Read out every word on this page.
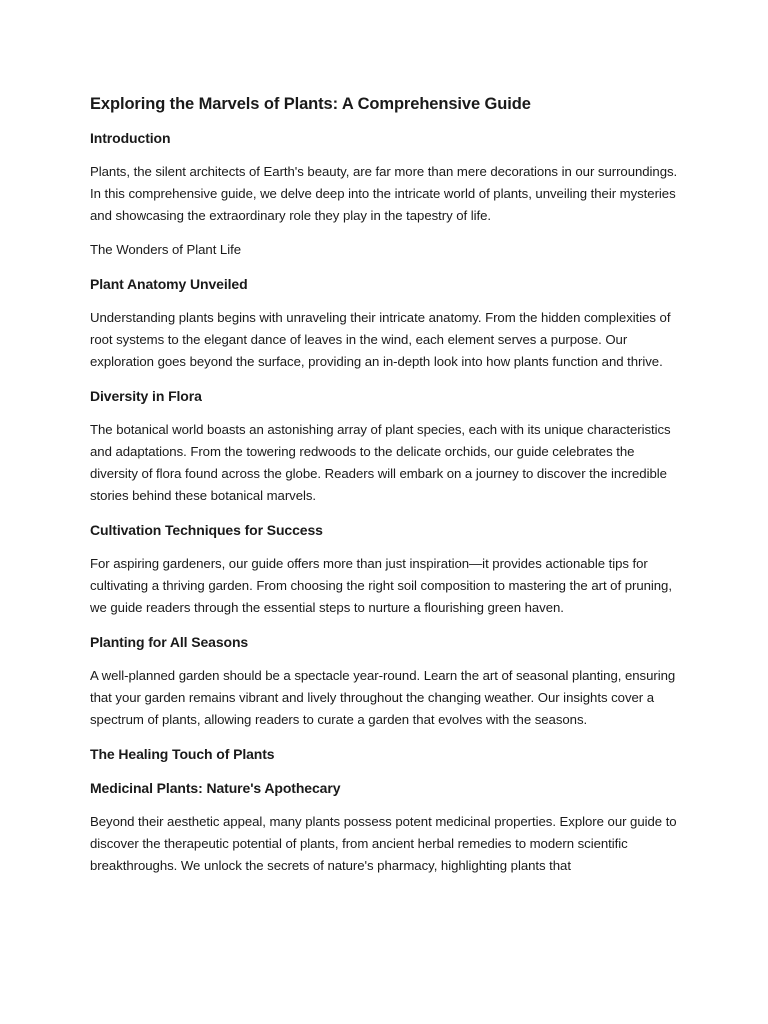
Exploring the Marvels of Plants: A Comprehensive Guide
Introduction

Plants, the silent architects of Earth's beauty, are far more than mere decorations in our surroundings. In this comprehensive guide, we delve deep into the intricate world of plants, unveiling their mysteries and showcasing the extraordinary role they play in the tapestry of life.

The Wonders of Plant Life

Plant Anatomy Unveiled

Understanding plants begins with unraveling their intricate anatomy. From the hidden complexities of root systems to the elegant dance of leaves in the wind, each element serves a purpose. Our exploration goes beyond the surface, providing an in-depth look into how plants function and thrive.

Diversity in Flora

The botanical world boasts an astonishing array of plant species, each with its unique characteristics and adaptations. From the towering redwoods to the delicate orchids, our guide celebrates the diversity of flora found across the globe. Readers will embark on a journey to discover the incredible stories behind these botanical marvels.

Cultivation Techniques for Success

For aspiring gardeners, our guide offers more than just inspiration—it provides actionable tips for cultivating a thriving garden. From choosing the right soil composition to mastering the art of pruning, we guide readers through the essential steps to nurture a flourishing green haven.

Planting for All Seasons

A well-planned garden should be a spectacle year-round. Learn the art of seasonal planting, ensuring that your garden remains vibrant and lively throughout the changing weather. Our insights cover a spectrum of plants, allowing readers to curate a garden that evolves with the seasons.

The Healing Touch of Plants
Medicinal Plants: Nature's Apothecary

Beyond their aesthetic appeal, many plants possess potent medicinal properties. Explore our guide to discover the therapeutic potential of plants, from ancient herbal remedies to modern scientific breakthroughs. We unlock the secrets of nature's pharmacy, highlighting plants that
